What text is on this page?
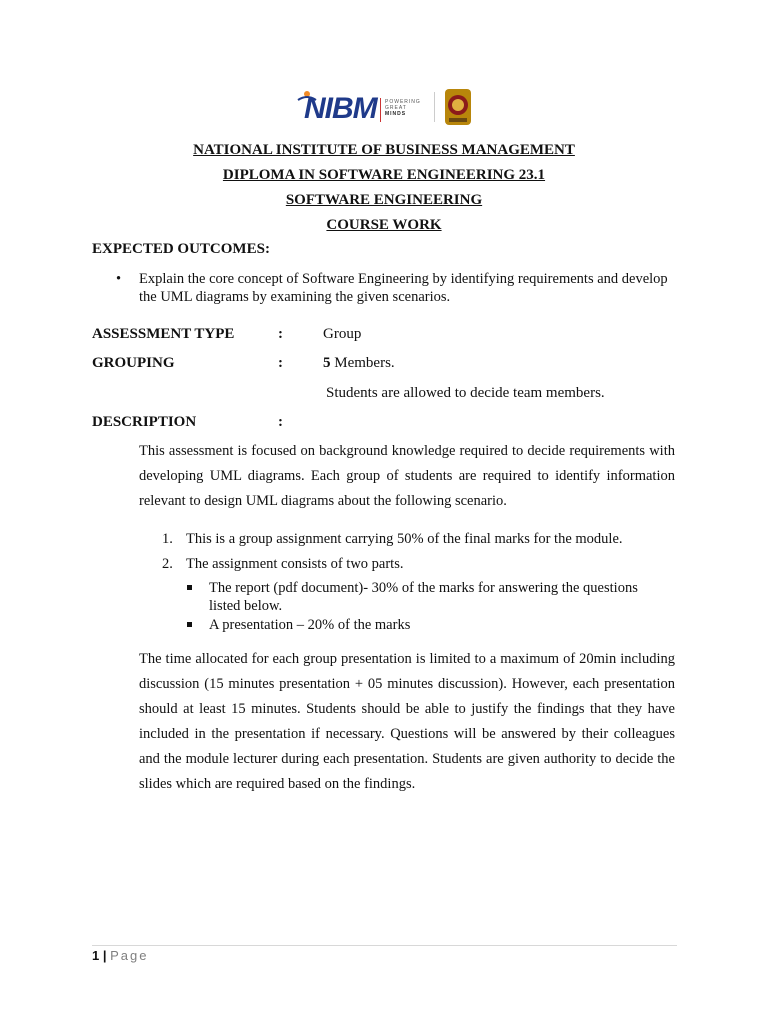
NIBM POWERING
GREAT
MINDS
NATIONAL INSTITUTE OF BUSINESS MANAGEMENT
DIPLOMA IN SOFTWARE ENGINEERING 23.1
SOFTWARE ENGINEERING
COURSE WORK
EXPECTED OUTCOMES:
• Explain the core concept of Software Engineering by identifying requirements and develop the UML diagrams by examining the given scenarios.
ASSESSMENT TYPE	:	Group
GROUPING	:	5 Members.
Students are allowed to decide team members.
DESCRIPTION	:
This assessment is focused on background knowledge required to decide requirements with developing UML diagrams. Each group of students are required to identify information relevant to design UML diagrams about the following scenario.
1. This is a group assignment carrying 50% of the final marks for the module.
2. The assignment consists of two parts.
The report (pdf document)- 30% of the marks for answering the questions listed below.
A presentation – 20% of the marks
The time allocated for each group presentation is limited to a maximum of 20min including discussion (15 minutes presentation + 05 minutes discussion). However, each presentation should at least 15 minutes. Students should be able to justify the findings that they have included in the presentation if necessary. Questions will be answered by their colleagues and the module lecturer during each presentation. Students are given authority to decide the slides which are required based on the findings.
1 | Page
